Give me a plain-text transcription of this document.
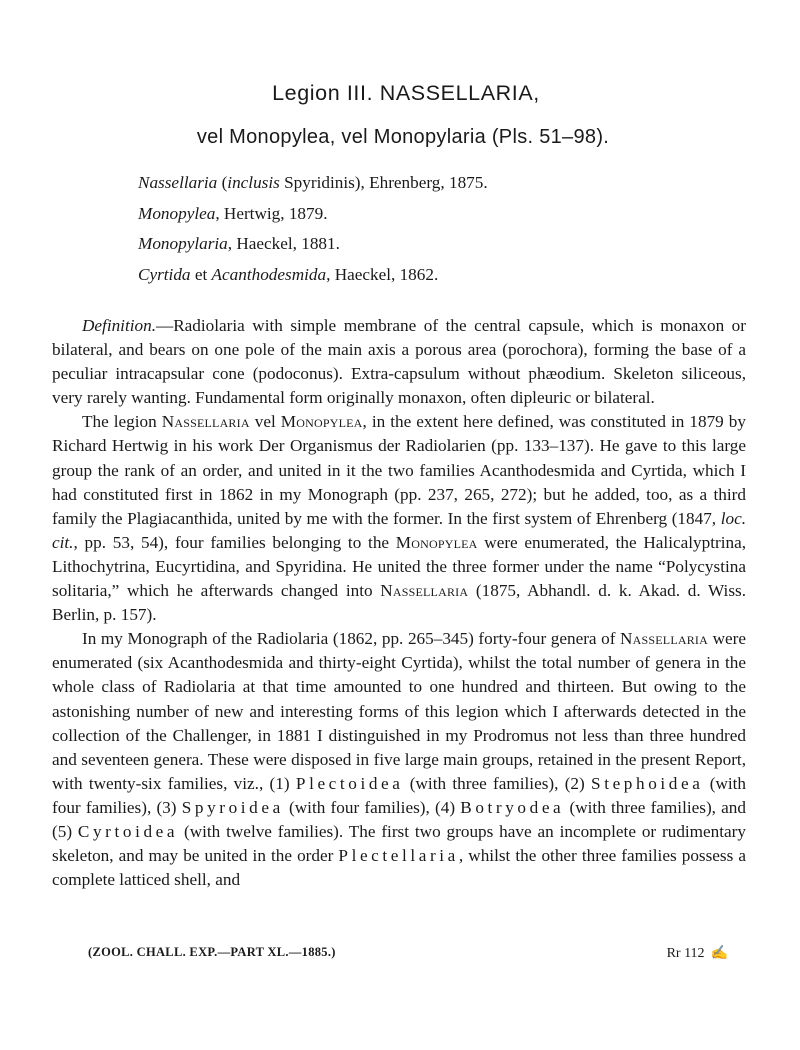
Legion III. NASSELLARIA,
vel Monopylea, vel Monopylaria (Pls. 51–98).
Nassellaria (inclusis Spyridinis), Ehrenberg, 1875.
Monopylea, Hertwig, 1879.
Monopylaria, Haeckel, 1881.
Cyrtida et Acanthodesmida, Haeckel, 1862.

Definition.—Radiolaria with simple membrane of the central capsule, which is monaxon or bilateral, and bears on one pole of the main axis a porous area (porochora), forming the base of a peculiar intracapsular cone (podoconus). Extra-capsulum without phæodium. Skeleton siliceous, very rarely wanting. Fundamental form originally monaxon, often dipleuric or bilateral.

The legion Nassellaria vel Monopylea, in the extent here defined, was constituted in 1879 by Richard Hertwig in his work Der Organismus der Radiolarien (pp. 133–137). He gave to this large group the rank of an order, and united in it the two families Acanthodesmida and Cyrtida, which I had constituted first in 1862 in my Monograph (pp. 237, 265, 272); but he added, too, as a third family the Plagiacanthida, united by me with the former. In the first system of Ehrenberg (1847, loc. cit., pp. 53, 54), four families belonging to the Monopylea were enumerated, the Halicalyptrina, Lithochytrina, Eucyrtidina, and Spyridina. He united the three former under the name “Polycystina solitaria,” which he afterwards changed into Nassellaria (1875, Abhandl. d. k. Akad. d. Wiss. Berlin, p. 157).

In my Monograph of the Radiolaria (1862, pp. 265–345) forty-four genera of Nassellaria were enumerated (six Acanthodesmida and thirty-eight Cyrtida), whilst the total number of genera in the whole class of Radiolaria at that time amounted to one hundred and thirteen. But owing to the astonishing number of new and interesting forms of this legion which I afterwards detected in the collection of the Challenger, in 1881 I distinguished in my Prodromus not less than three hundred and seventeen genera. These were disposed in five large main groups, retained in the present Report, with twenty-six families, viz., (1) Plectoidea (with three families), (2) Stephoidea (with four families), (3) Spyroidea (with four families), (4) Botryodea (with three families), and (5) Cyrtoidea (with twelve families). The first two groups have an incomplete or rudimentary skeleton, and may be united in the order Plectellaria, whilst the other three families possess a complete latticed shell, and

(ZOOL. CHALL. EXP.—PART XL.—1885.)	Rr 112 ✍
